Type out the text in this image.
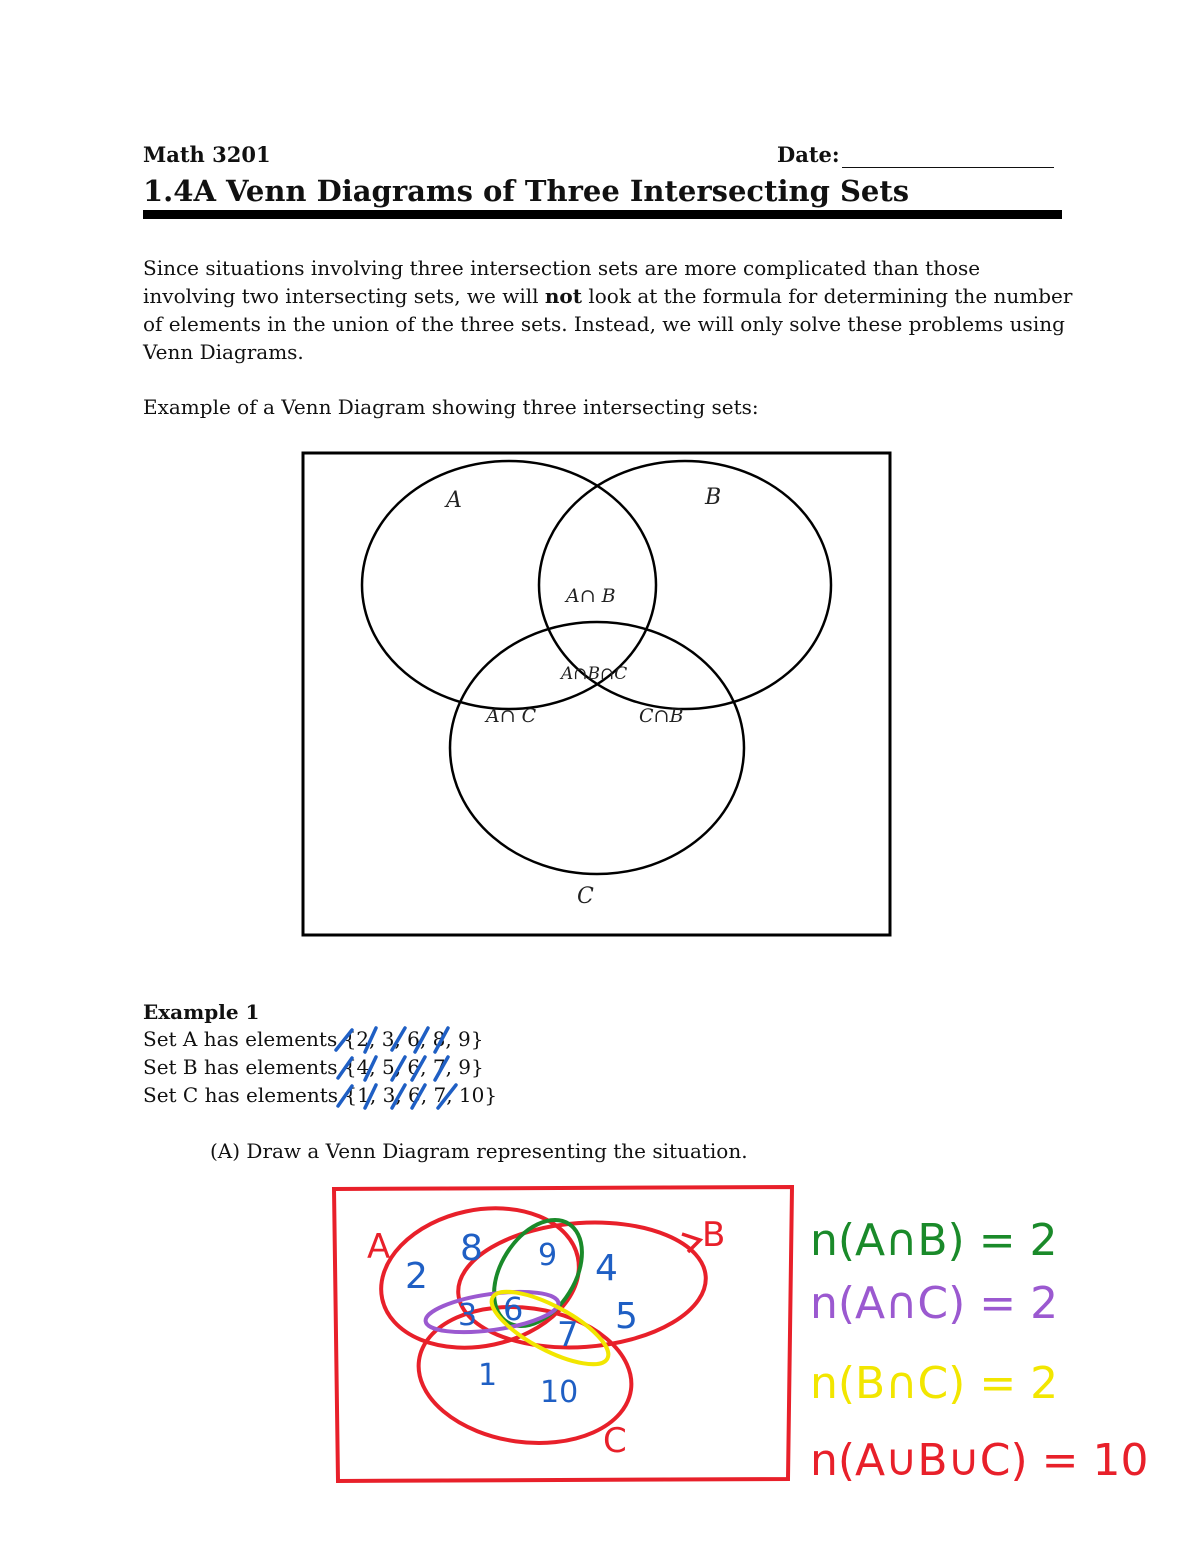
Math 3201	Date:
1.4A Venn Diagrams of Three Intersecting Sets

Since situations involving three intersection sets are more complicated than those involving two intersecting sets, we will not look at the formula for determining the number of elements in the union of the three sets. Instead, we will only solve these problems using Venn Diagrams.

Example of a Venn Diagram showing three intersecting sets:

A	B
C
A∩ B
A∩B∩C
A∩ C	C∩B
Example 1
Set A has elements {2, 3, 6, 8, 9}
Set B has elements {4, 5, 6, 7, 9}
Set C has elements {1, 3, 6, 7, 10}
(A) Draw a Venn Diagram representing the situation.
A	B
C
2
8 9 4
3 6	5
7
1 10
n(A∩B) = 2
n(A∩C) = 2
n(B∩C) = 2
n(A∪B∪C) = 10
